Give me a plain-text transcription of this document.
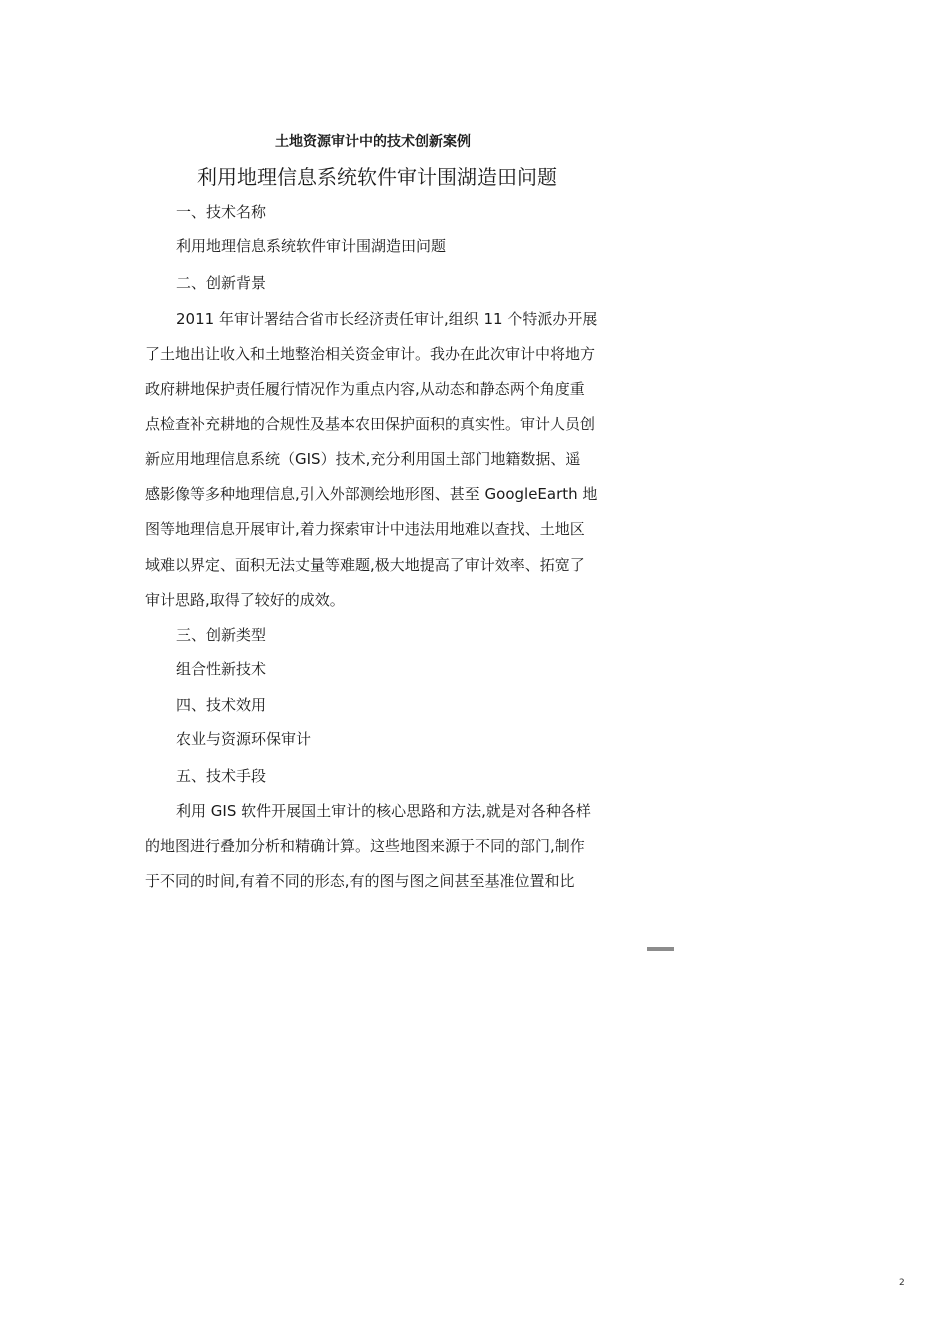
土地资源审计中的技术创新案例
利用地理信息系统软件审计围湖造田问题
一、技术名称
利用地理信息系统软件审计围湖造田问题
二、创新背景
2011 年审计署结合省市长经济责任审计,组织 11 个特派办开展
了土地出让收入和土地整治相关资金审计。我办在此次审计中将地方
政府耕地保护责任履行情况作为重点内容,从动态和静态两个角度重
点检查补充耕地的合规性及基本农田保护面积的真实性。审计人员创
新应用地理信息系统（GIS）技术,充分利用国土部门地籍数据、遥
感影像等多种地理信息,引入外部测绘地形图、甚至 GoogleEarth 地
图等地理信息开展审计,着力探索审计中违法用地难以查找、土地区
域难以界定、面积无法丈量等难题,极大地提高了审计效率、拓宽了
审计思路,取得了较好的成效。
三、创新类型
组合性新技术
四、技术效用
农业与资源环保审计
五、技术手段
利用 GIS 软件开展国土审计的核心思路和方法,就是对各种各样
的地图进行叠加分析和精确计算。这些地图来源于不同的部门,制作
于不同的时间,有着不同的形态,有的图与图之间甚至基准位置和比
2
